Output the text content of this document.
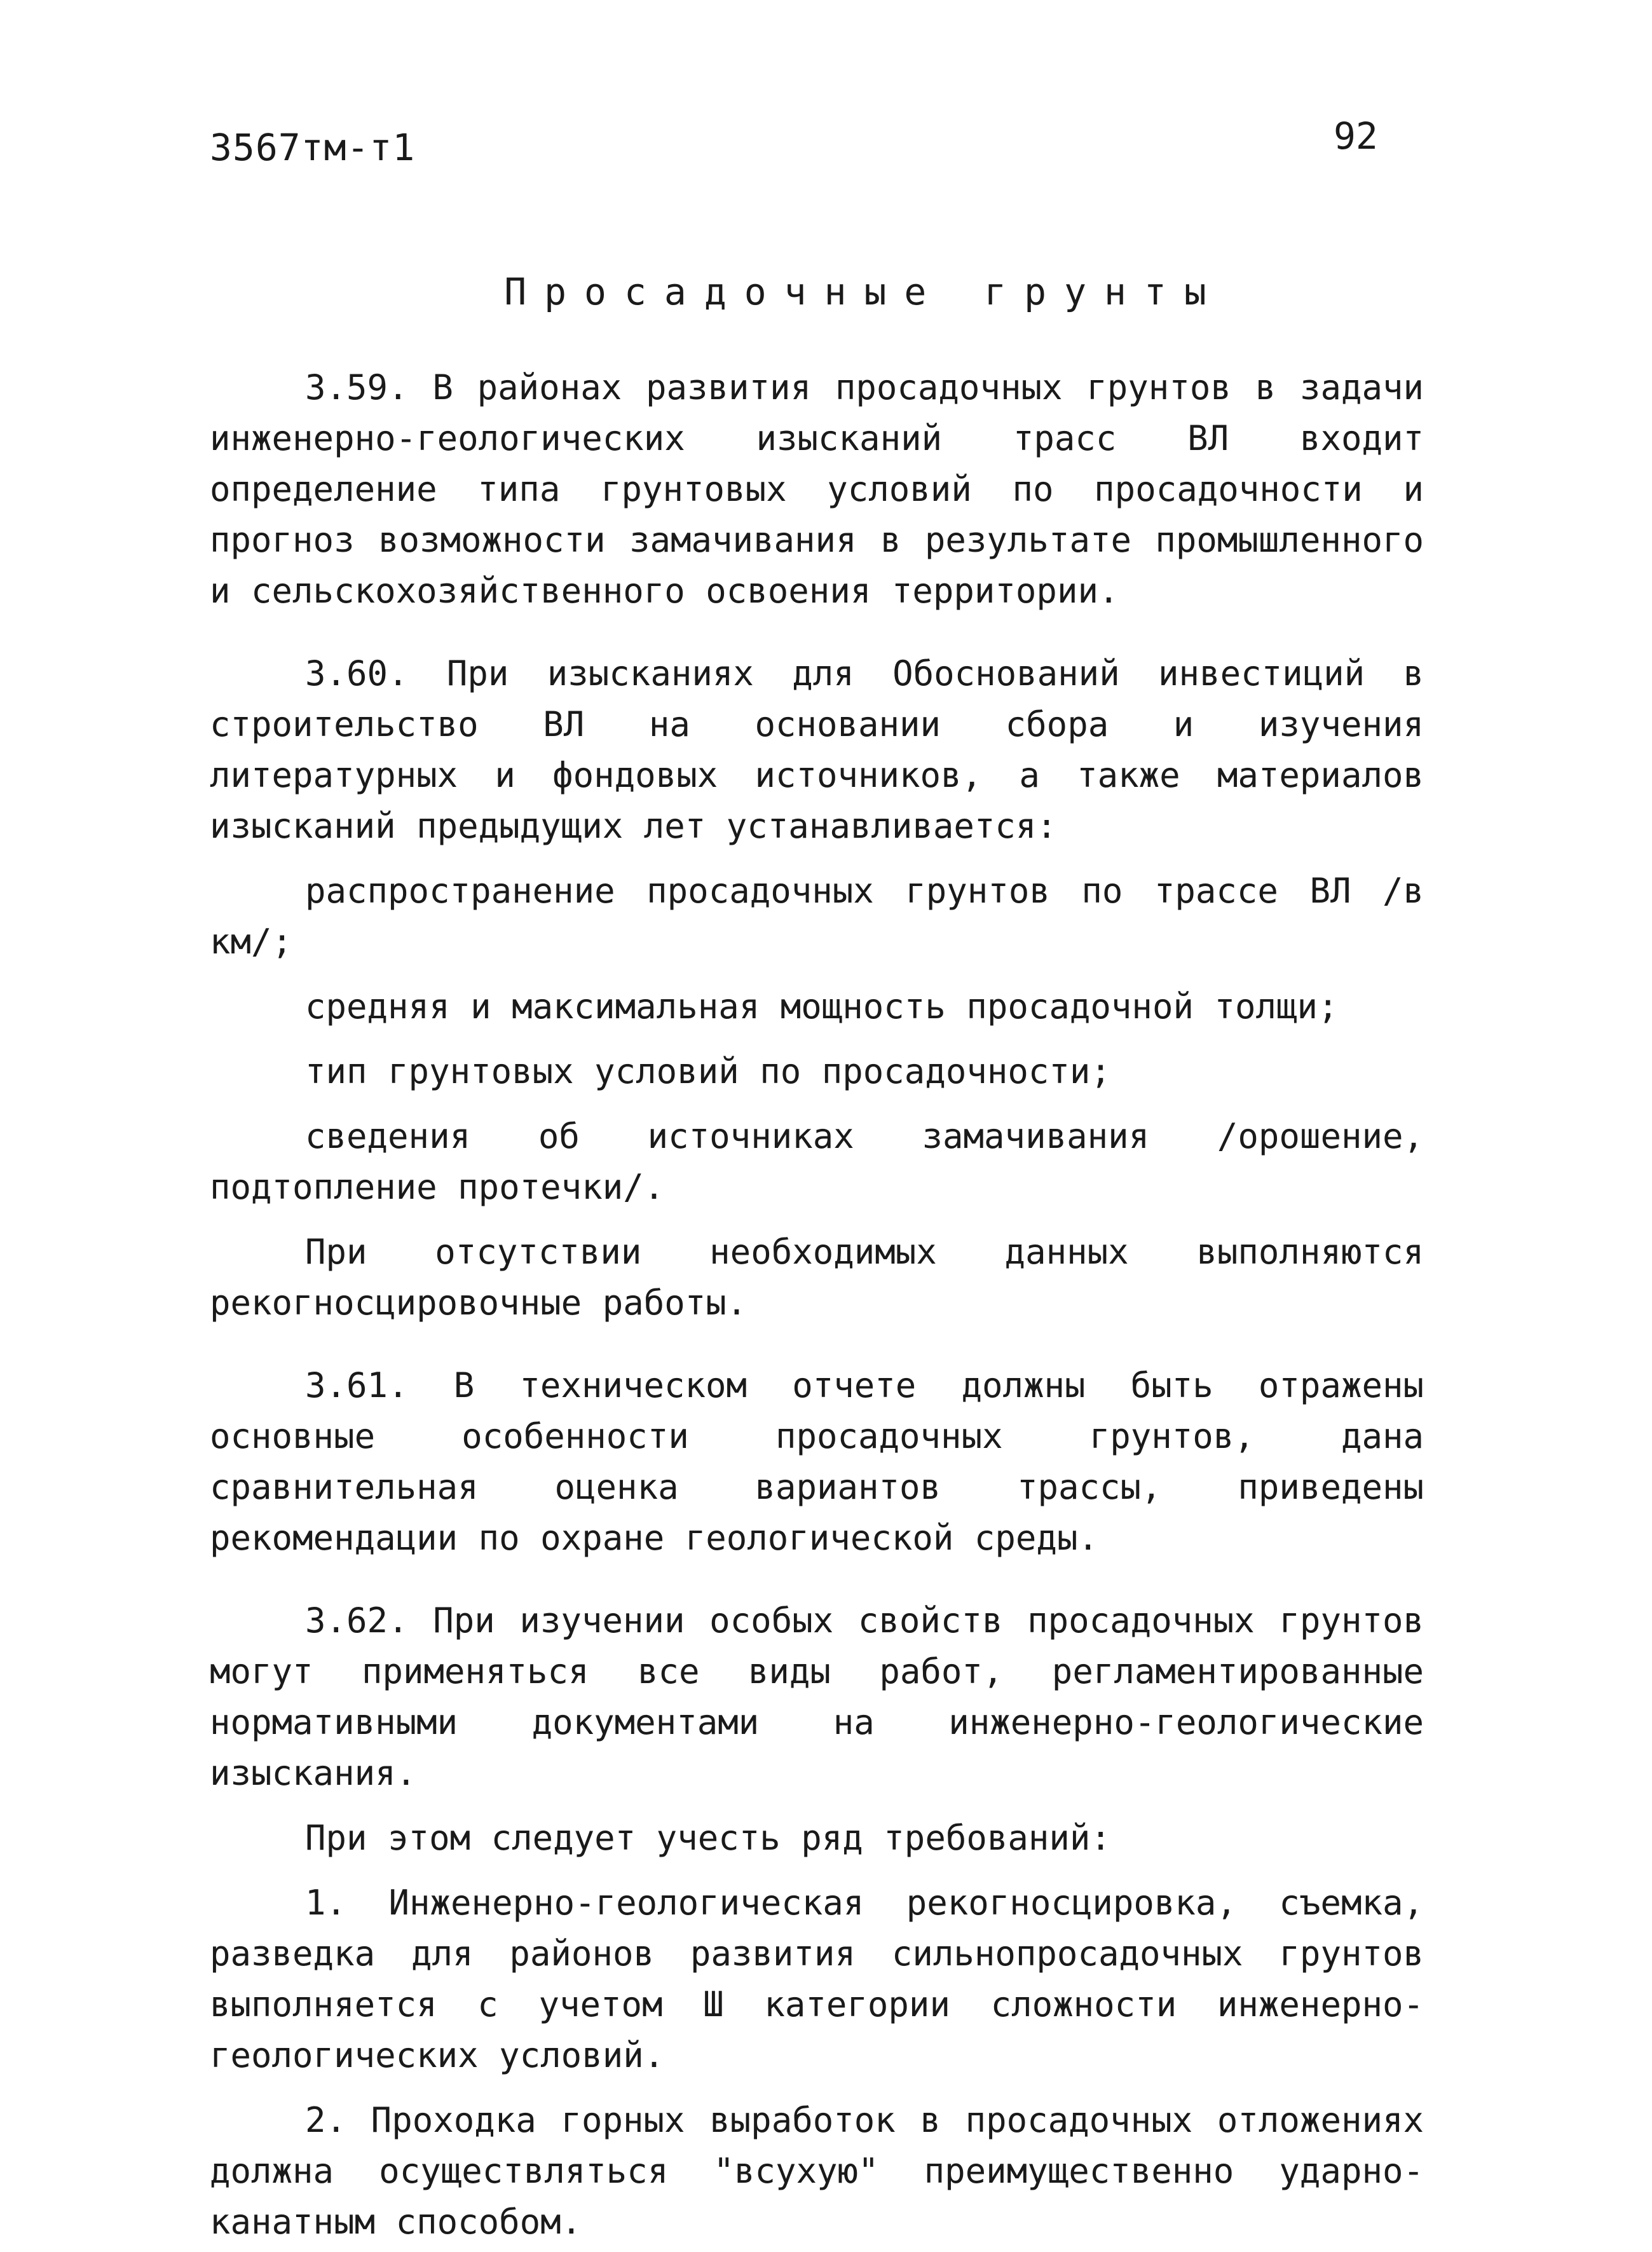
3567тм-т1	92
Просадочные грунты

3.59. В районах развития просадочных грунтов в задачи инженерно-геологических изысканий трасс ВЛ входит определение типа грунтовых условий по просадочности и прогноз возможности замачивания в результате промышленного и сельскохозяйственного освоения территории.

3.60. При изысканиях для Обоснований инвестиций в строительство ВЛ на основании сбора и изучения литературных и фондовых источников, а также материалов изысканий предыдущих лет устанавливается:

распространение просадочных грунтов по трассе ВЛ /в км/;

средняя и максимальная мощность просадочной толщи;

тип грунтовых условий по просадочности;

сведения об источниках замачивания /орошение, подтопление протечки/.

При отсутствии необходимых данных выполняются рекогносцировочные работы.

3.61. В техническом отчете должны быть отражены основные особенности просадочных грунтов, дана сравнительная оценка вариантов трассы, приведены рекомендации по охране геологической среды.

3.62. При изучении особых свойств просадочных грунтов могут применяться все виды работ, регламентированные нормативными документами на инженерно-геологические изыскания.

При этом следует учесть ряд требований:

1. Инженерно-геологическая рекогносцировка, съемка, разведка для районов развития сильнопросадочных грунтов выполняется с учетом Ш категории сложности инженерно-геологических условий.

2. Проходка горных выработок в просадочных отложениях должна осуществляться "всухую" преимущественно ударно-канатным способом.
